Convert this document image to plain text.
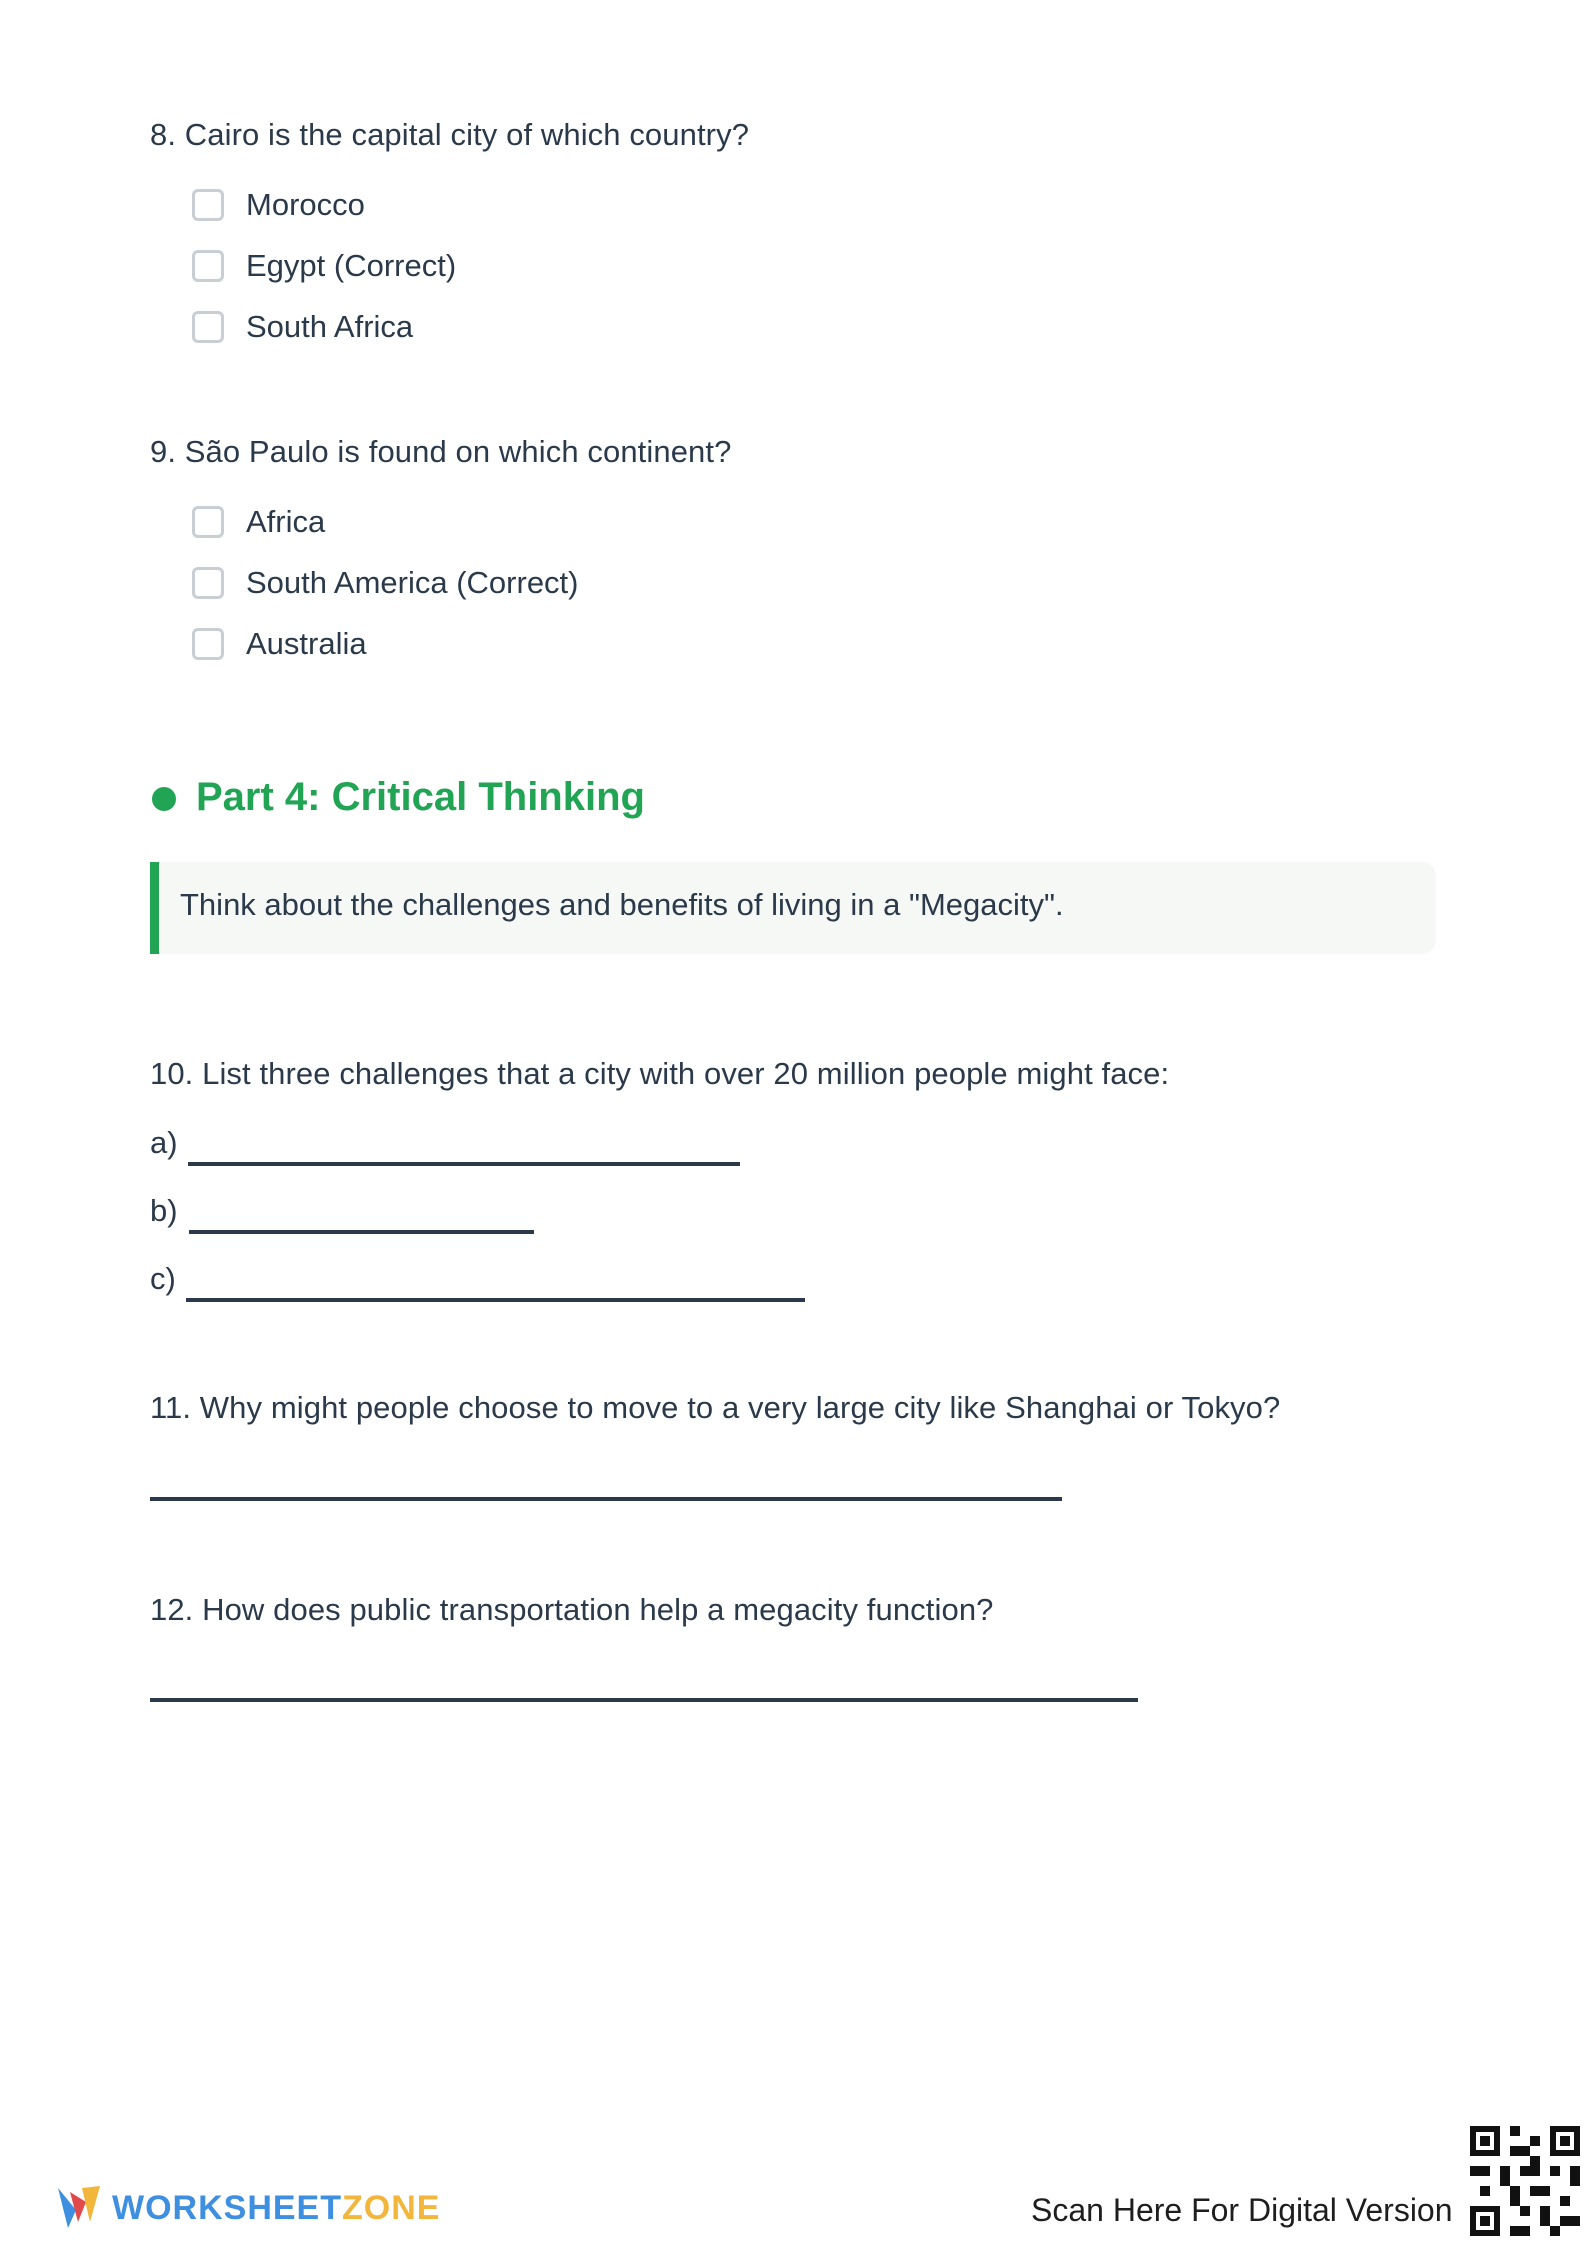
8. Cairo is the capital city of which country?
Morocco
Egypt (Correct)
South Africa
9. São Paulo is found on which continent?
Africa
South America (Correct)
Australia
Part 4: Critical Thinking
Think about the challenges and benefits of living in a "Megacity".
10. List three challenges that a city with over 20 million people might face:
a)
b)
c)
11. Why might people choose to move to a very large city like Shanghai or Tokyo?
12. How does public transportation help a megacity function?
WORKSHEETZONE	Scan Here For Digital Version
